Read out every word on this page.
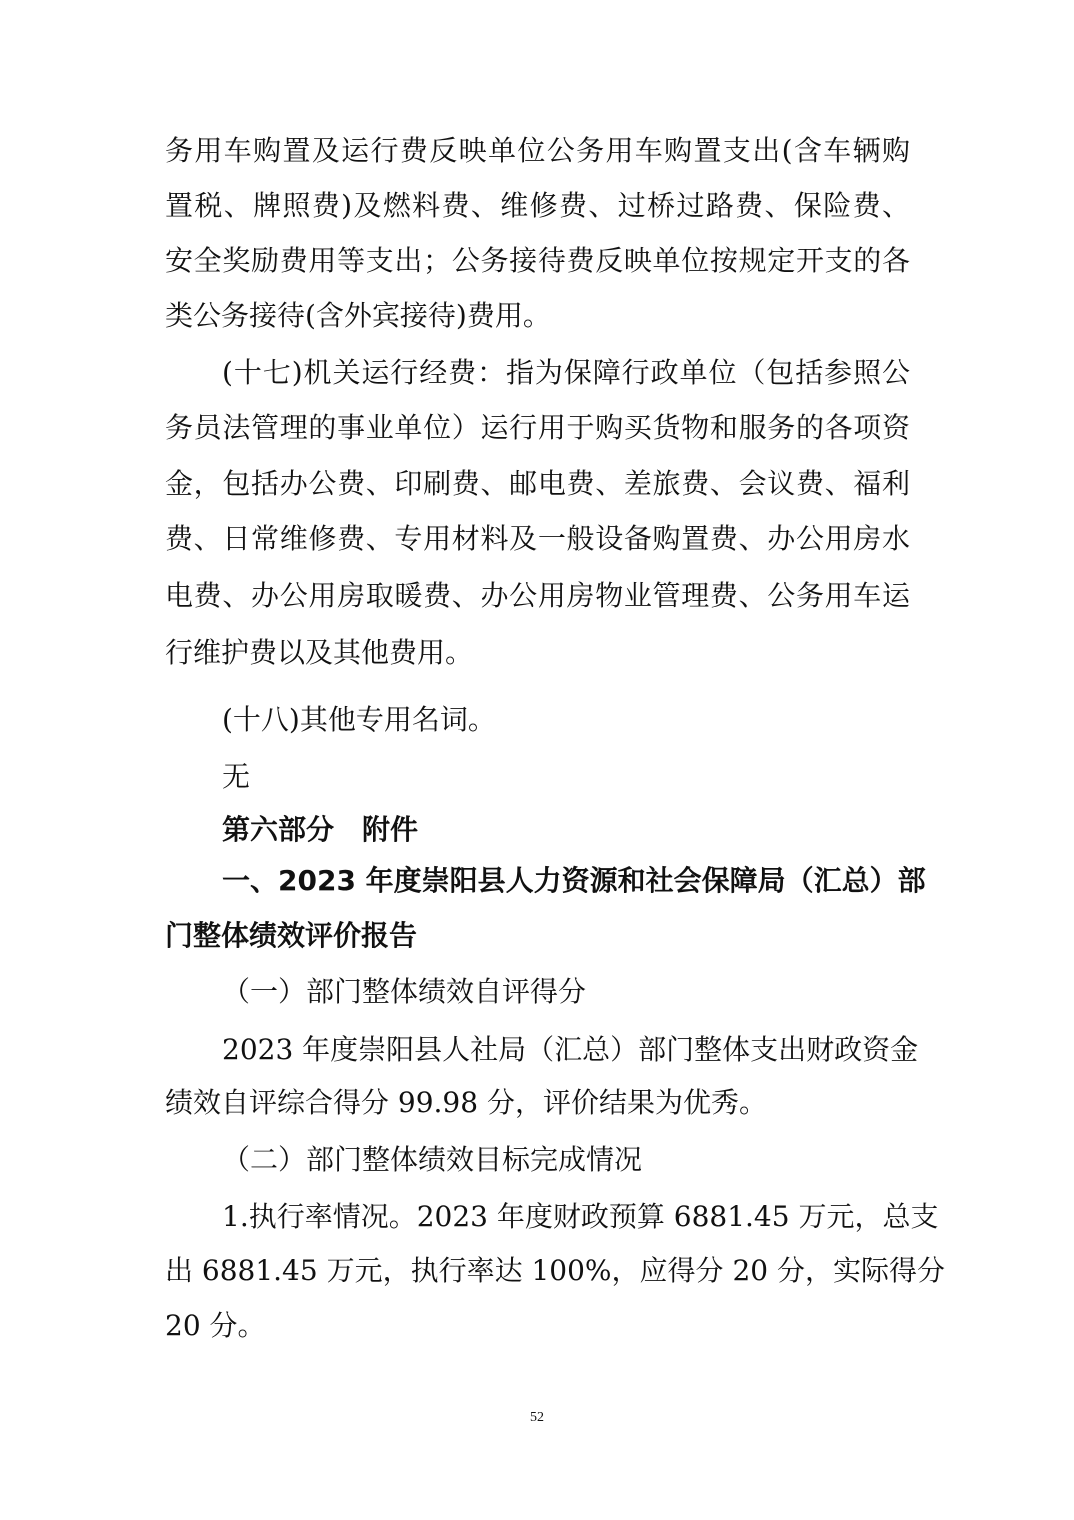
务用车购置及运行费反映单位公务用车购置支出(含车辆购
置税、牌照费)及燃料费、维修费、过桥过路费、保险费、
安全奖励费用等支出；公务接待费反映单位按规定开支的各
类公务接待(含外宾接待)费用。
(十七)机关运行经费：指为保障行政单位（包括参照公
务员法管理的事业单位）运行用于购买货物和服务的各项资
金，包括办公费、印刷费、邮电费、差旅费、会议费、福利
费、日常维修费、专用材料及一般设备购置费、办公用房水
电费、办公用房取暖费、办公用房物业管理费、公务用车运
行维护费以及其他费用。
(十八)其他专用名词。
无
第六部分　附件
一、2023 年度崇阳县人力资源和社会保障局（汇总）部
门整体绩效评价报告
（一）部门整体绩效自评得分
2023 年度崇阳县人社局（汇总）部门整体支出财政资金
绩效自评综合得分 99.98 分，评价结果为优秀。
（二）部门整体绩效目标完成情况
1.执行率情况。2023 年度财政预算 6881.45 万元，总支
出 6881.45 万元，执行率达 100%，应得分 20 分，实际得分
20 分。
52
